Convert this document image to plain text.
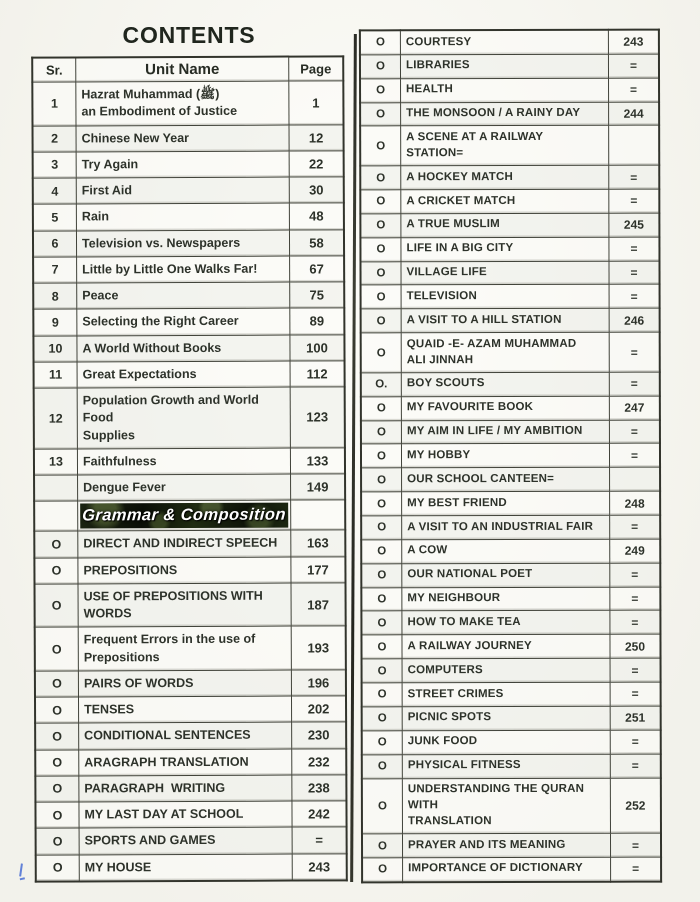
CONTENTS
Sr.	Unit Name	Page
1	Hazrat Muhammad (ﷺ)
an Embodiment of Justice	1
2	Chinese New Year	12
3	Try Again	22
4	First Aid	30
5	Rain	48
6	Television vs. Newspapers	58
7	Little by Little One Walks Far!	67
8	Peace	75
9	Selecting the Right Career	89
10	A World Without Books	100
11	Great Expectations	112
12	Population Growth and World Food
Supplies	123
13	Faithfulness	133

	Dengue Fever	149

	Grammar & Composition	

O	DIRECT AND INDIRECT SPEECH	163
O	PREPOSITIONS	177
O	USE OF PREPOSITIONS WITH
WORDS	187
O	Frequent Errors in the use of
Prepositions	193
O	PAIRS OF WORDS	196
O	TENSES	202
O	CONDITIONAL SENTENCES	230
O	ARAGRAPH TRANSLATION	232
O	PARAGRAPH  WRITING	238
O	MY LAST DAY AT SCHOOL	242
O	SPORTS AND GAMES	=
O	MY HOUSE	243
O	COURTESY	243
O	LIBRARIES	=
O	HEALTH	=
O	THE MONSOON / A RAINY DAY	244
O	A SCENE AT A RAILWAY STATION=	

O	A HOCKEY MATCH	=
O	A CRICKET MATCH	=
O	A TRUE MUSLIM	245
O	LIFE IN A BIG CITY	=
O	VILLAGE LIFE	=
O	TELEVISION	=
O	A VISIT TO A HILL STATION	246
O	QUAID -E- AZAM MUHAMMAD
ALI JINNAH	=
O.	BOY SCOUTS	=
O	MY FAVOURITE BOOK	247
O	MY AIM IN LIFE / MY AMBITION	=
O	MY HOBBY	=
O	OUR SCHOOL CANTEEN=	

O	MY BEST FRIEND	248
O	A VISIT TO AN INDUSTRIAL FAIR	=
O	A COW	249
O	OUR NATIONAL POET	=
O	MY NEIGHBOUR	=
O	HOW TO MAKE TEA	=
O	A RAILWAY JOURNEY	250
O	COMPUTERS	=
O	STREET CRIMES	=
O	PICNIC SPOTS	251
O	JUNK FOOD	=
O	PHYSICAL FITNESS	=
O	UNDERSTANDING THE QURAN WITH
TRANSLATION	252
O	PRAYER AND ITS MEANING	=
O	IMPORTANCE OF DICTIONARY	=
